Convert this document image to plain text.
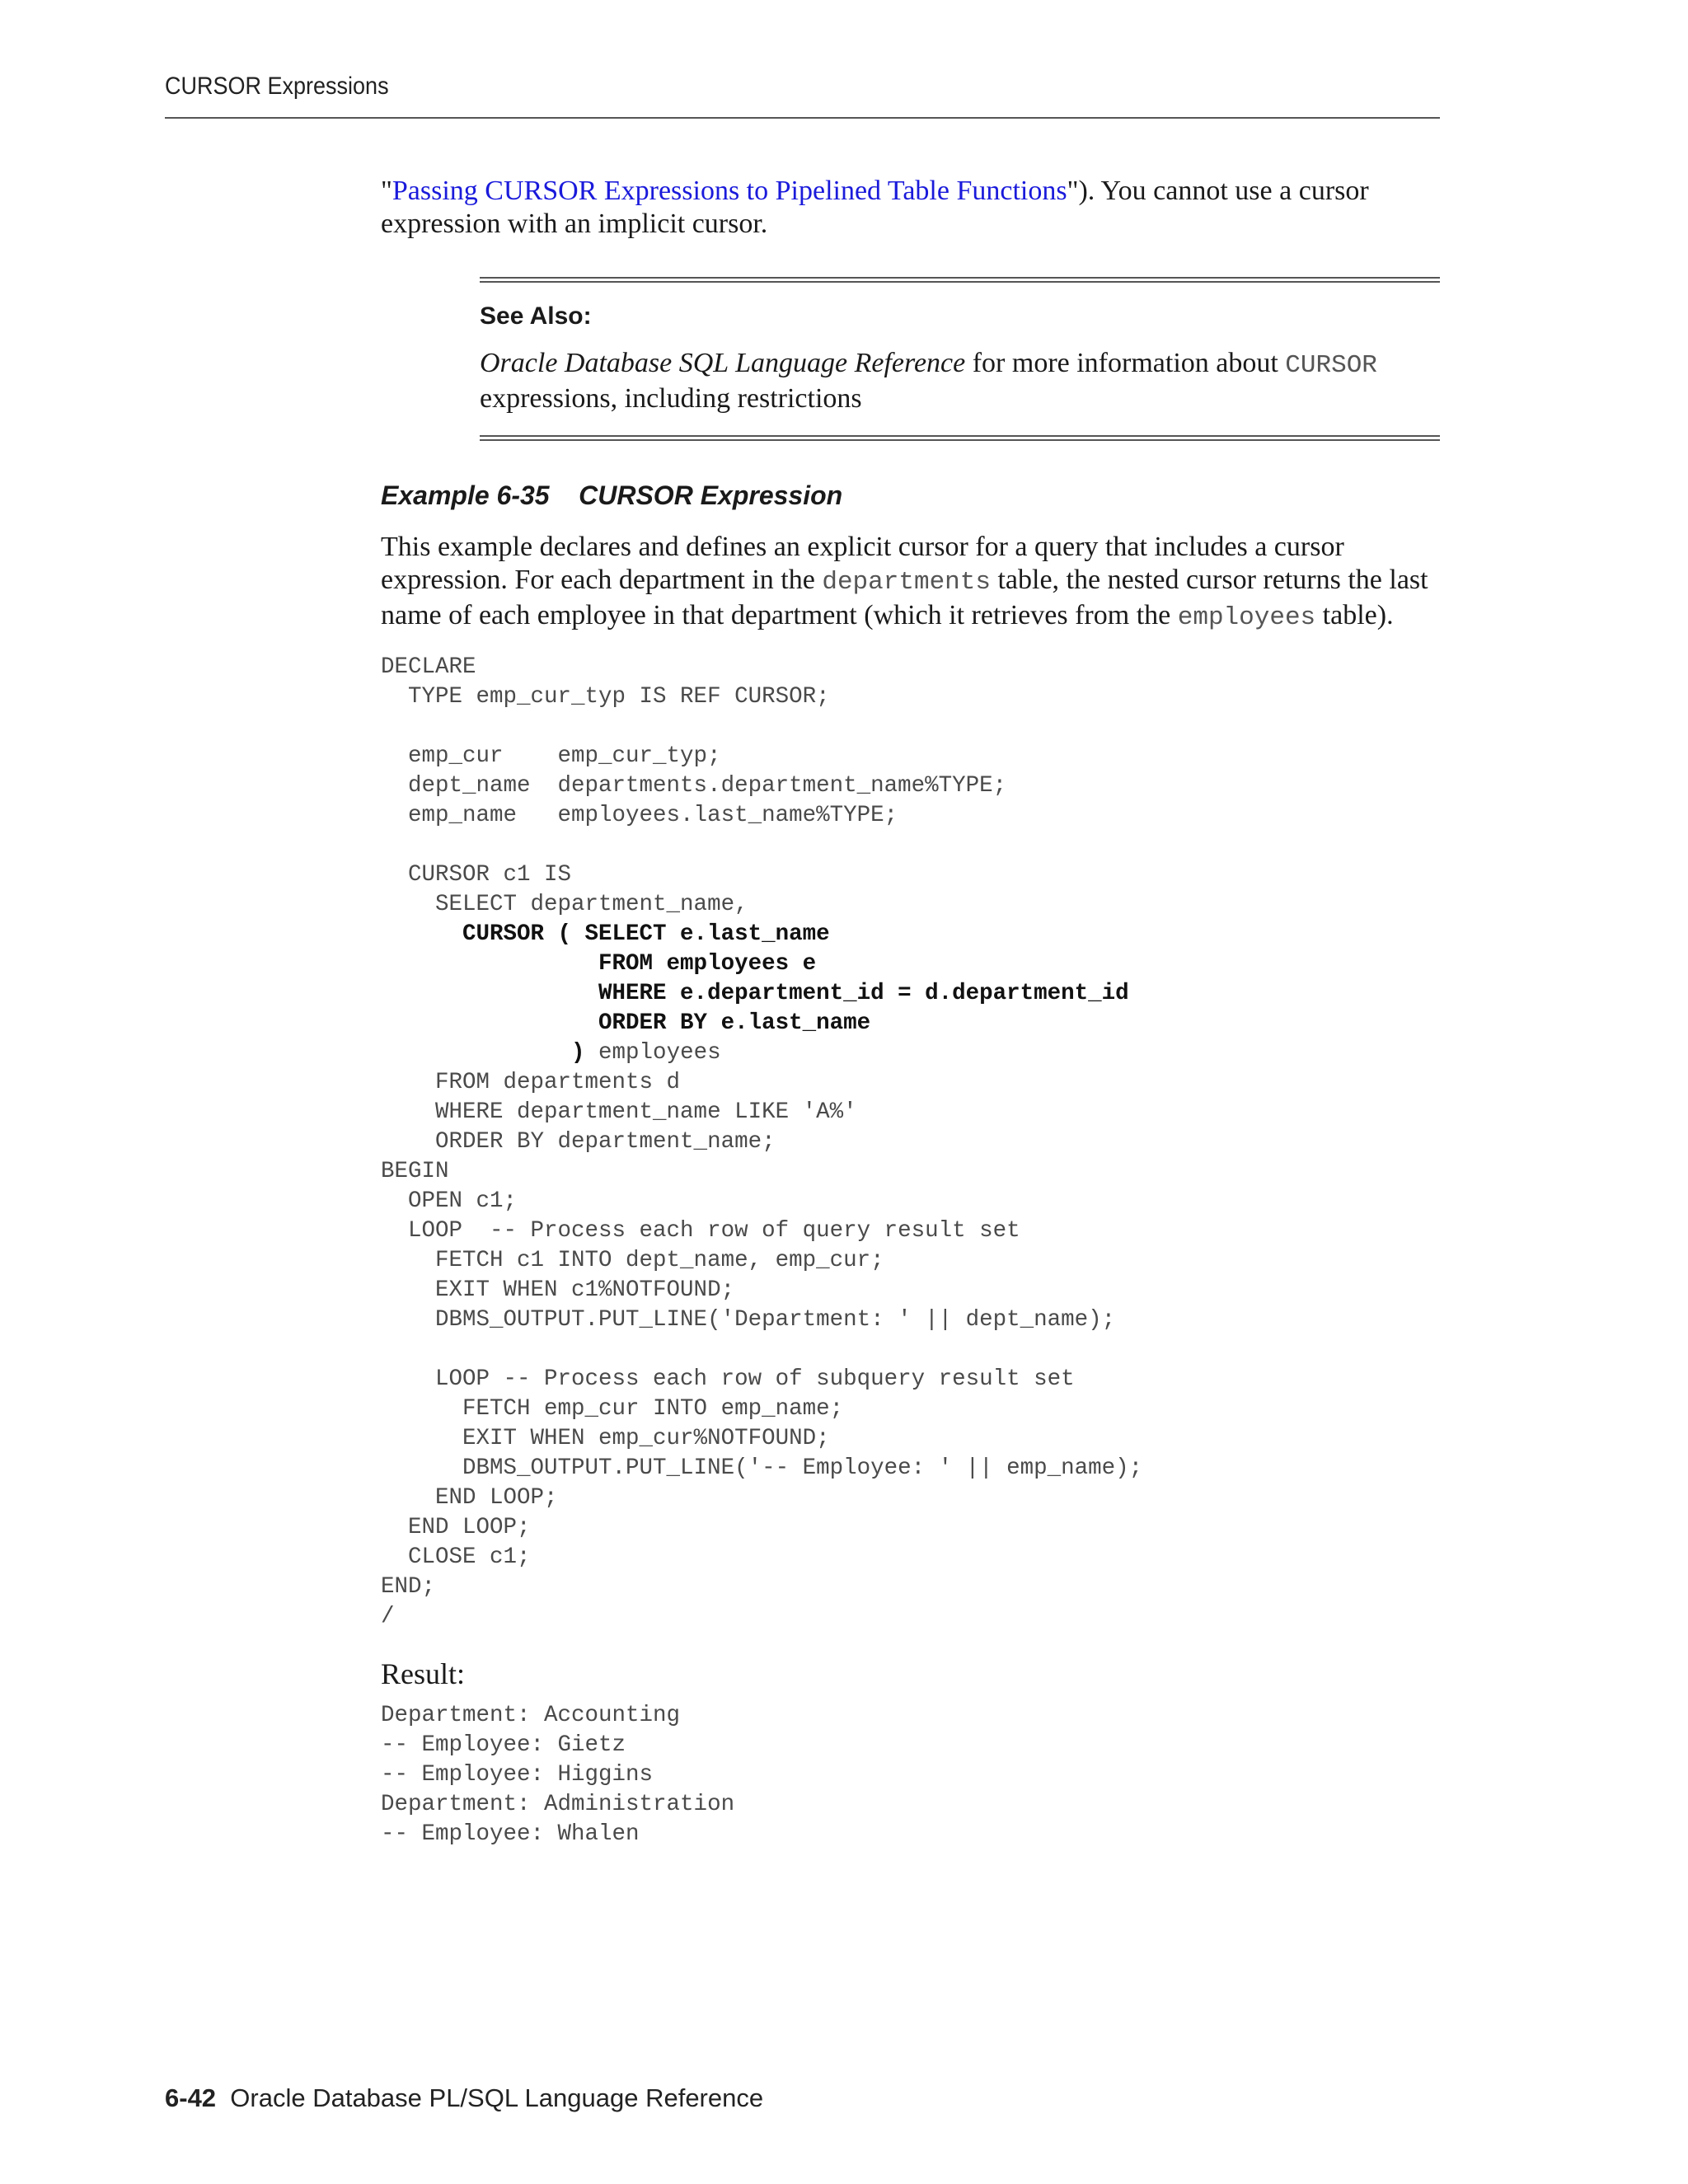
CURSOR Expressions

"Passing CURSOR Expressions to Pipelined Table Functions"). You cannot use a cursor expression with an implicit cursor.

See Also:

Oracle Database SQL Language Reference for more information about CURSOR expressions, including restrictions

Example 6-35    CURSOR Expression

This example declares and defines an explicit cursor for a query that includes a cursor expression. For each department in the departments table, the nested cursor returns the last name of each employee in that department (which it retrieves from the employees table).

DECLARE
TYPE emp_cur_typ IS REF CURSOR;

emp_cur    emp_cur_typ;
dept_name  departments.department_name%TYPE;
emp_name   employees.last_name%TYPE;

CURSOR c1 IS
SELECT department_name,
CURSOR ( SELECT e.last_name
FROM employees e
WHERE e.department_id = d.department_id
ORDER BY e.last_name
) employees
FROM departments d
WHERE department_name LIKE 'A%'
ORDER BY department_name;
BEGIN
OPEN c1;
LOOP  -- Process each row of query result set
FETCH c1 INTO dept_name, emp_cur;
EXIT WHEN c1%NOTFOUND;
DBMS_OUTPUT.PUT_LINE('Department: ' || dept_name);

LOOP -- Process each row of subquery result set
FETCH emp_cur INTO emp_name;
EXIT WHEN emp_cur%NOTFOUND;
DBMS_OUTPUT.PUT_LINE('-- Employee: ' || emp_name);
END LOOP;
END LOOP;
CLOSE c1;
END;
/
Result:
Department: Accounting
-- Employee: Gietz
-- Employee: Higgins
Department: Administration
-- Employee: Whalen
6-42 Oracle Database PL/SQL Language Reference
